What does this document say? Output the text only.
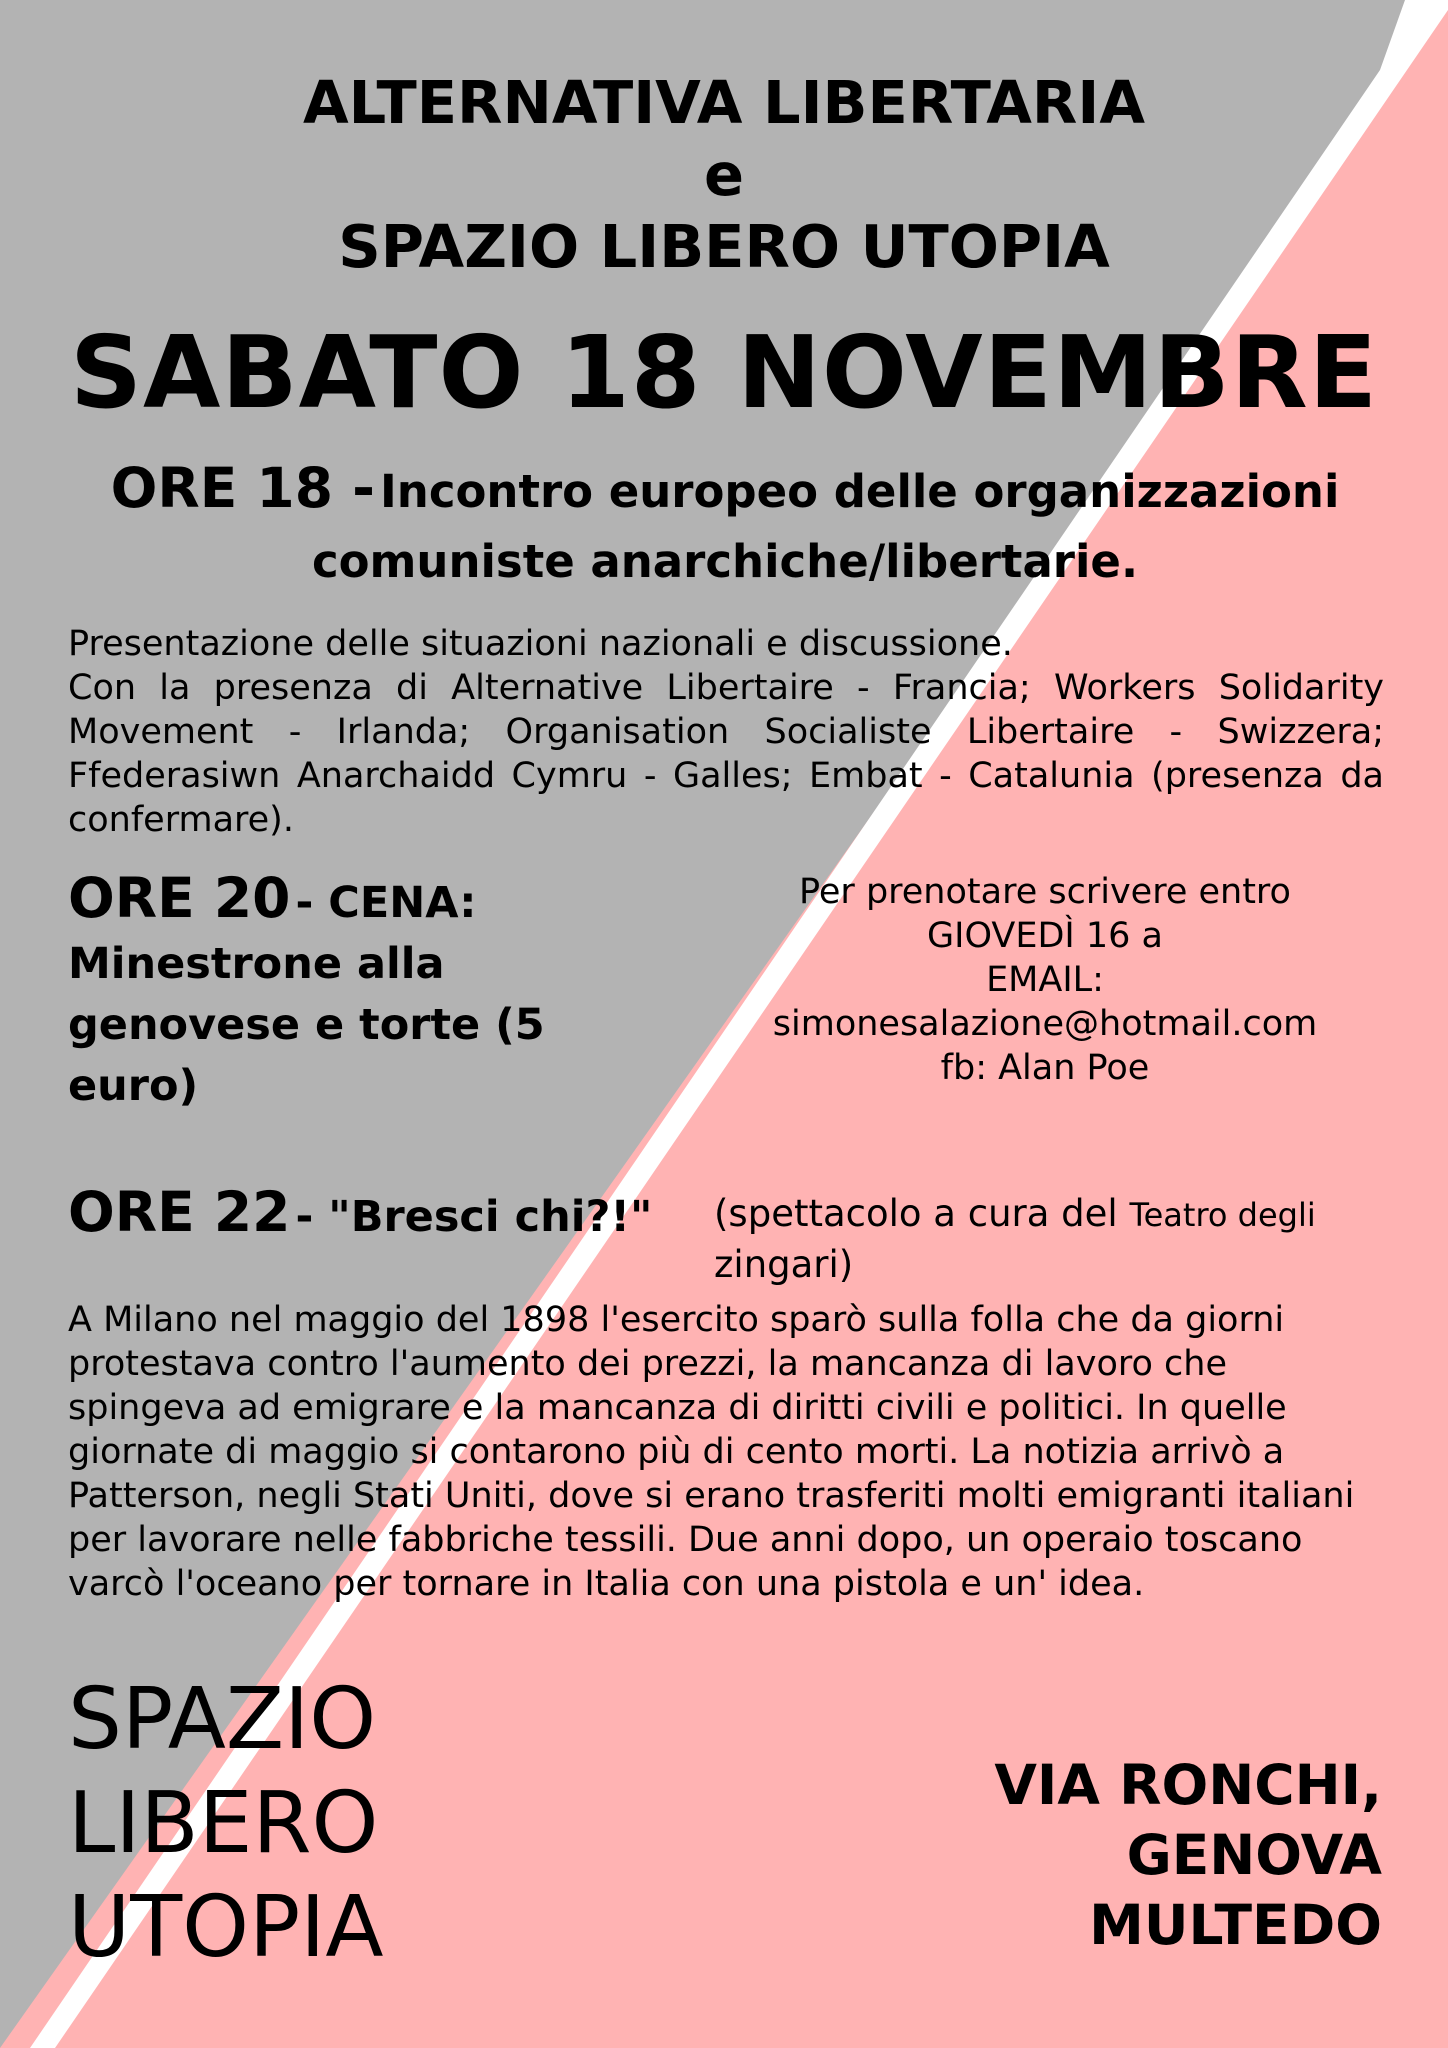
ALTERNATIVA LIBERTARIA
e
SPAZIO LIBERO UTOPIA
SABATO 18 NOVEMBRE
ORE 18 - Incontro europeo delle organizzazioni
comuniste anarchiche/libertarie.

Presentazione delle situazioni nazionali e discussione.

Con la presenza di Alternative Libertaire - Francia; Workers Solidarity Movement - Irlanda; Organisation Socialiste Libertaire - Swizzera; Ffederasiwn Anarchaidd Cymru - Galles; Embat - Catalunia (presenza da confermare).

ORE 20 - CENA:
Minestrone alla genovese e torte (5 euro)
Per prenotare scrivere entro
GIOVEDÌ 16 a
EMAIL:
simonesalazione@hotmail.com
fb: Alan Poe
ORE 22 - "Bresci chi?!"	(spettacolo a cura del Teatro degli
zingari)
A Milano nel maggio del 1898 l'esercito sparò sulla folla che da giorni protestava contro l'aumento dei prezzi, la mancanza di lavoro che spingeva ad emigrare e la mancanza di diritti civili e politici. In quelle giornate di maggio si contarono più di cento morti. La notizia arrivò a Patterson, negli Stati Uniti, dove si erano trasferiti molti emigranti italiani per lavorare nelle fabbriche tessili. Due anni dopo, un operaio toscano varcò l'oceano per tornare in Italia con una pistola e un' idea.
SPAZIO
LIBERO
UTOPIA
VIA RONCHI,
GENOVA
MULTEDO
